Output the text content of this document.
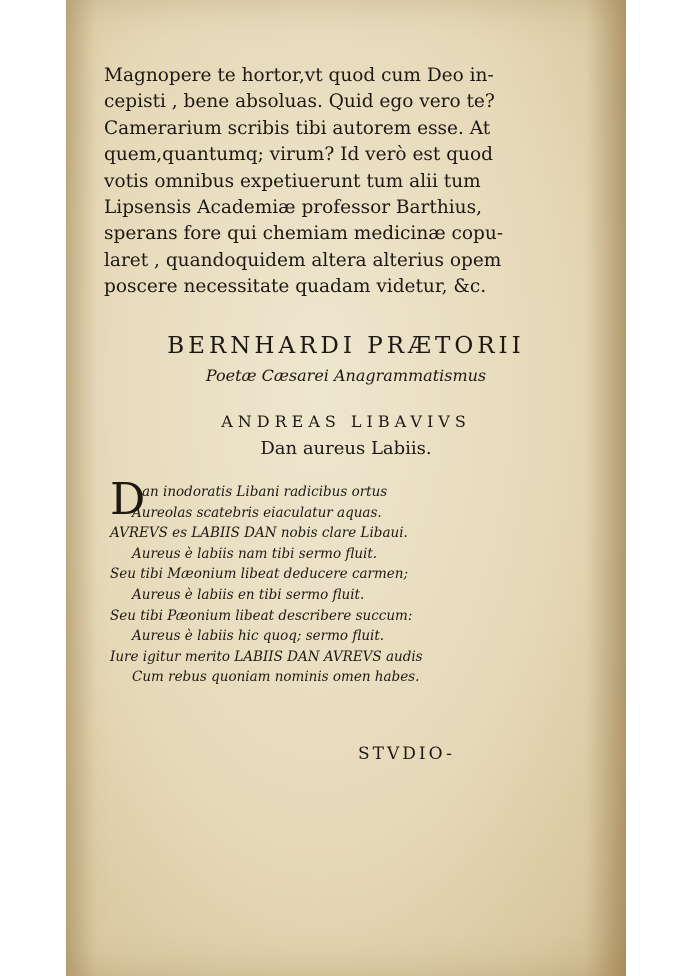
Magnopere te hortor,vt quod cum Deo in-
cepisti , bene absoluas. Quid ego vero te?
Camerarium scribis tibi autorem esse. At
quem,quantumq; virum? Id verò est quod
votis omnibus expetiuerunt tum alii tum
Lipsensis Academiæ professor Barthius,
sperans fore qui chemiam medicinæ copu-
laret , quandoquidem altera alterius opem
poscere necessitate quadam videtur, &c.
BERNHARDI PRÆTORII
Poetæ Cæsarei Anagrammatismus
ANDREAS LIBAVIVS
Dan aureus Labiis.
D
an inodoratis Libani radicibus ortus
Aureolas scatebris eiaculatur aquas.
AVREVS es LABIIS DAN nobis clare Libaui.
Aureus è labiis nam tibi sermo fluit.
Seu tibi Mæonium libeat deducere carmen;
Aureus è labiis en tibi sermo fluit.
Seu tibi Pæonium libeat describere succum:
Aureus è labiis hic quoq; sermo fluit.
Iure igitur merito LABIIS DAN AVREVS audis
Cum rebus quoniam nominis omen habes.
STVDIO-
